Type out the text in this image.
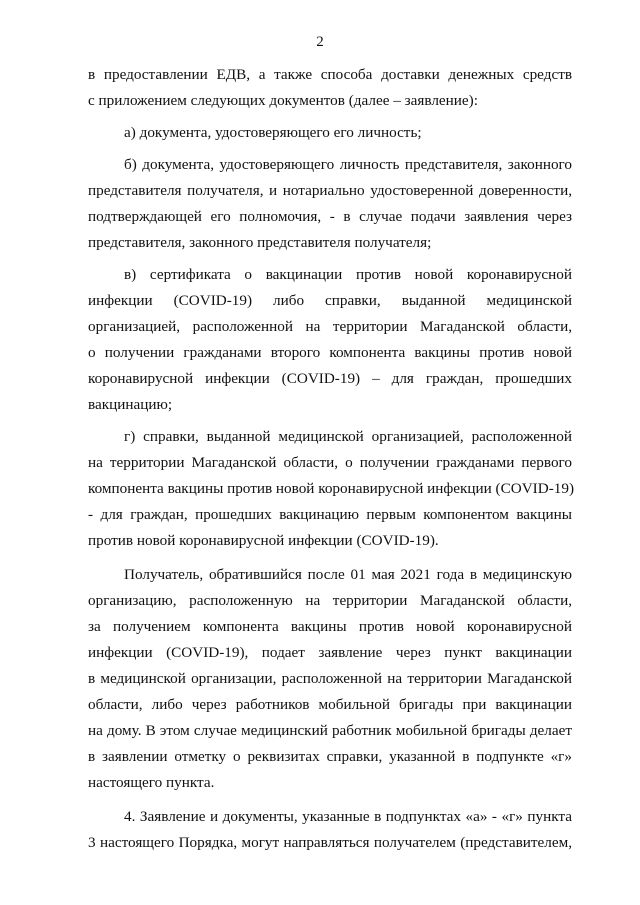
2
в предоставлении ЕДВ, а также способа доставки денежных средств
с приложением следующих документов (далее – заявление):
а) документа, удостоверяющего его личность;
б) документа, удостоверяющего личность представителя, законного
представителя получателя, и нотариально удостоверенной доверенности,
подтверждающей его полномочия, - в случае подачи заявления через
представителя, законного представителя получателя;
в) сертификата о вакцинации против новой коронавирусной
инфекции (COVID-19) либо справки, выданной медицинской
организацией, расположенной на территории Магаданской области,
о получении гражданами второго компонента вакцины против новой
коронавирусной инфекции (COVID-19) – для граждан, прошедших
вакцинацию;
г) справки, выданной медицинской организацией, расположенной
на территории Магаданской области, о получении гражданами первого
компонента вакцины против новой коронавирусной инфекции (COVID-19)
- для граждан, прошедших вакцинацию первым компонентом вакцины
против новой коронавирусной инфекции (COVID-19).
Получатель, обратившийся после 01 мая 2021 года в медицинскую
организацию, расположенную на территории Магаданской области,
за получением компонента вакцины против новой коронавирусной
инфекции (COVID-19), подает заявление через пункт вакцинации
в медицинской организации, расположенной на территории Магаданской
области, либо через работников мобильной бригады при вакцинации
на дому. В этом случае медицинский работник мобильной бригады делает
в заявлении отметку о реквизитах справки, указанной в подпункте «г»
настоящего пункта.
4. Заявление и документы, указанные в подпунктах «а» - «г» пункта
3 настоящего Порядка, могут направляться получателем (представителем,
